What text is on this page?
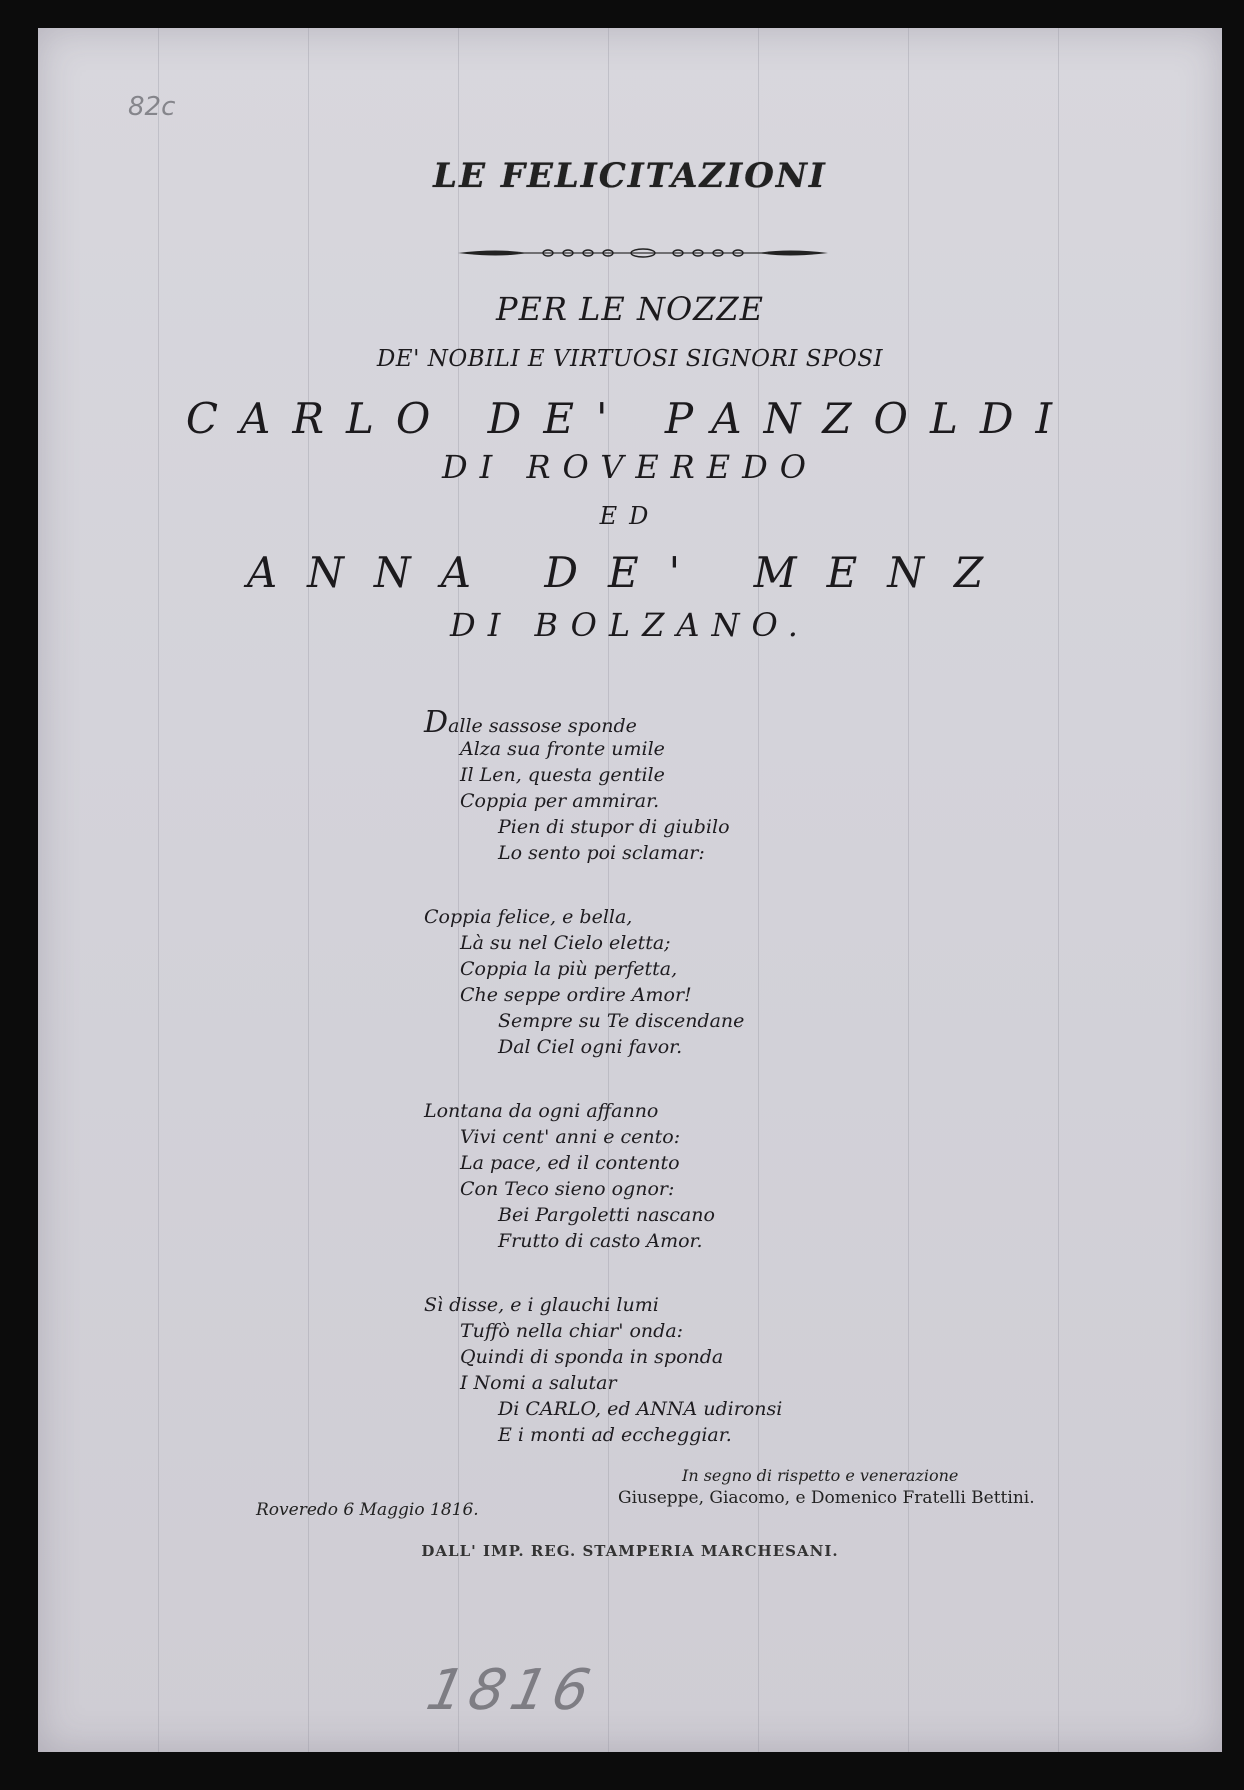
82c
LE FELICITAZIONI
PER LE NOZZE
DE' NOBILI E VIRTUOSI SIGNORI SPOSI
CARLO DE' PANZOLDI
DI ROVEREDO
ED
ANNA DE' MENZ
DI BOLZANO.
Dalle sassose sponde
Alza sua fronte umile
Il Len, questa gentile
Coppia per ammirar.
Pien di stupor di giubilo
Lo sento poi sclamar:
Coppia felice, e bella,
Là su nel Cielo eletta;
Coppia la più perfetta,
Che seppe ordire Amor!
Sempre su Te discendane
Dal Ciel ogni favor.
Lontana da ogni affanno
Vivi cent' anni e cento:
La pace, ed il contento
Con Teco sieno ognor:
Bei Pargoletti nascano
Frutto di casto Amor.
Sì disse, e i glauchi lumi
Tuffò nella chiar' onda:
Quindi di sponda in sponda
I Nomi a salutar
Di CARLO, ed ANNA udironsi
E i monti ad eccheggiar.
In segno di rispetto e venerazione
Giuseppe, Giacomo, e Domenico Fratelli Bettini.
Roveredo 6 Maggio 1816.
DALL' IMP. REG. STAMPERIA MARCHESANI.
1816
